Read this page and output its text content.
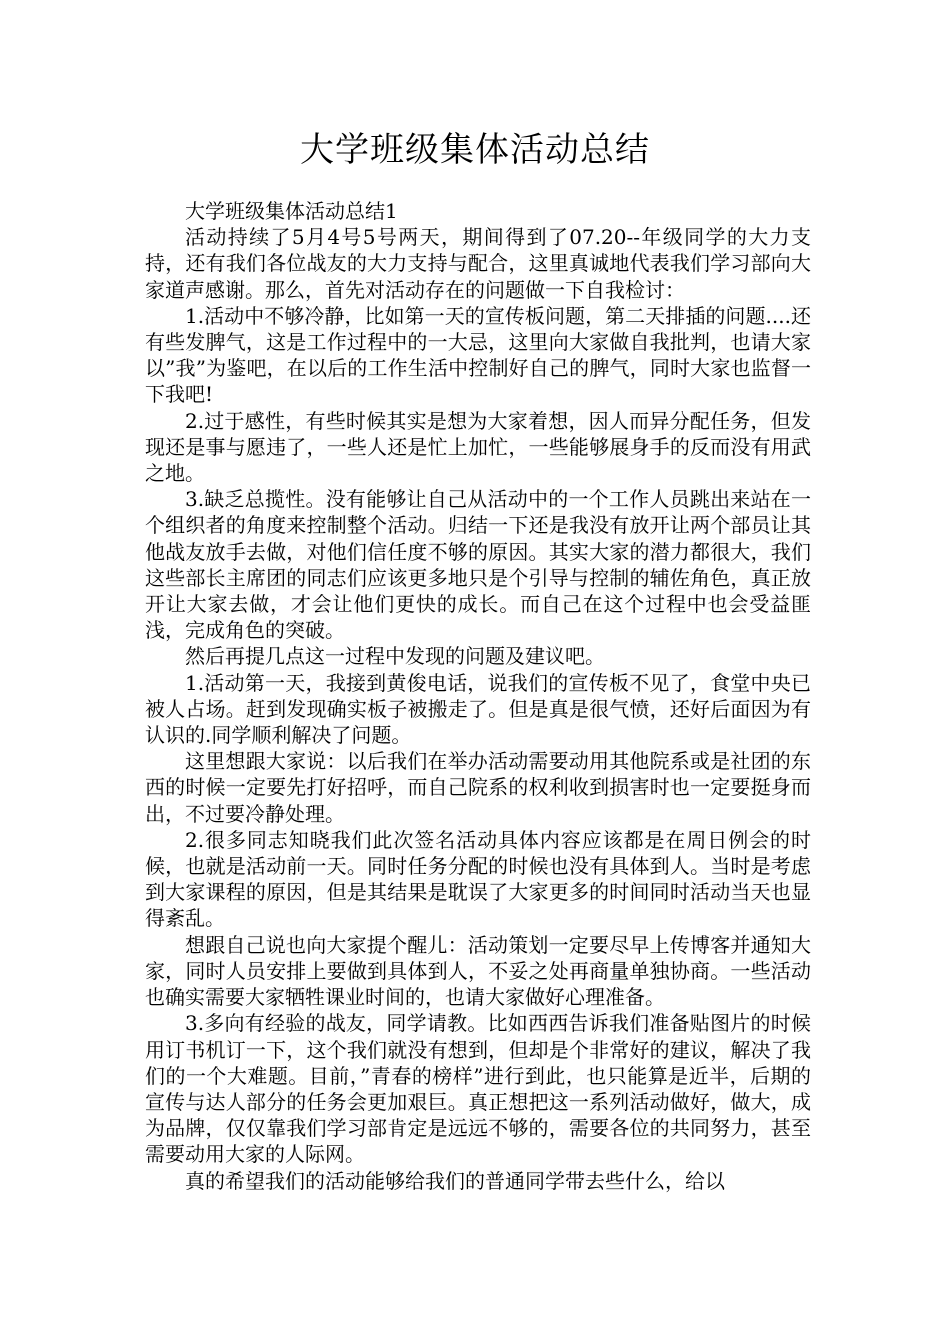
大学班级集体活动总结

大学班级集体活动总结1

活动持续了5月4号5号两天，期间得到了07.20--年级同学的大力支持，还有我们各位战友的大力支持与配合，这里真诚地代表我们学习部向大家道声感谢。那么，首先对活动存在的问题做一下自我检讨：

1.活动中不够冷静，比如第一天的宣传板问题，第二天排插的问题....还有些发脾气，这是工作过程中的一大忌，这里向大家做自我批判，也请大家以”我”为鉴吧，在以后的工作生活中控制好自己的脾气，同时大家也监督一下我吧!

2.过于感性，有些时候其实是想为大家着想，因人而异分配任务，但发现还是事与愿违了，一些人还是忙上加忙，一些能够展身手的反而没有用武之地。

3.缺乏总揽性。没有能够让自己从活动中的一个工作人员跳出来站在一个组织者的角度来控制整个活动。归结一下还是我没有放开让两个部员让其他战友放手去做，对他们信任度不够的原因。其实大家的潜力都很大，我们这些部长主席团的同志们应该更多地只是个引导与控制的辅佐角色，真正放开让大家去做，才会让他们更快的成长。而自己在这个过程中也会受益匪浅，完成角色的突破。

然后再提几点这一过程中发现的问题及建议吧。

1.活动第一天，我接到黄俊电话，说我们的宣传板不见了，食堂中央已被人占场。赶到发现确实板子被搬走了。但是真是很气愤，还好后面因为有认识的.同学顺利解决了问题。

这里想跟大家说：以后我们在举办活动需要动用其他院系或是社团的东西的时候一定要先打好招呼，而自己院系的权利收到损害时也一定要挺身而出，不过要冷静处理。

2.很多同志知晓我们此次签名活动具体内容应该都是在周日例会的时候，也就是活动前一天。同时任务分配的时候也没有具体到人。当时是考虑到大家课程的原因，但是其结果是耽误了大家更多的时间同时活动当天也显得紊乱。

想跟自己说也向大家提个醒儿：活动策划一定要尽早上传博客并通知大家，同时人员安排上要做到具体到人，不妥之处再商量单独协商。一些活动也确实需要大家牺牲课业时间的，也请大家做好心理准备。

3.多向有经验的战友，同学请教。比如西西告诉我们准备贴图片的时候用订书机订一下，这个我们就没有想到，但却是个非常好的建议，解决了我们的一个大难题。目前，”青春的榜样”进行到此，也只能算是近半，后期的宣传与达人部分的任务会更加艰巨。真正想把这一系列活动做好，做大，成为品牌，仅仅靠我们学习部肯定是远远不够的，需要各位的共同努力，甚至需要动用大家的人际网。

真的希望我们的活动能够给我们的普通同学带去些什么，给以
